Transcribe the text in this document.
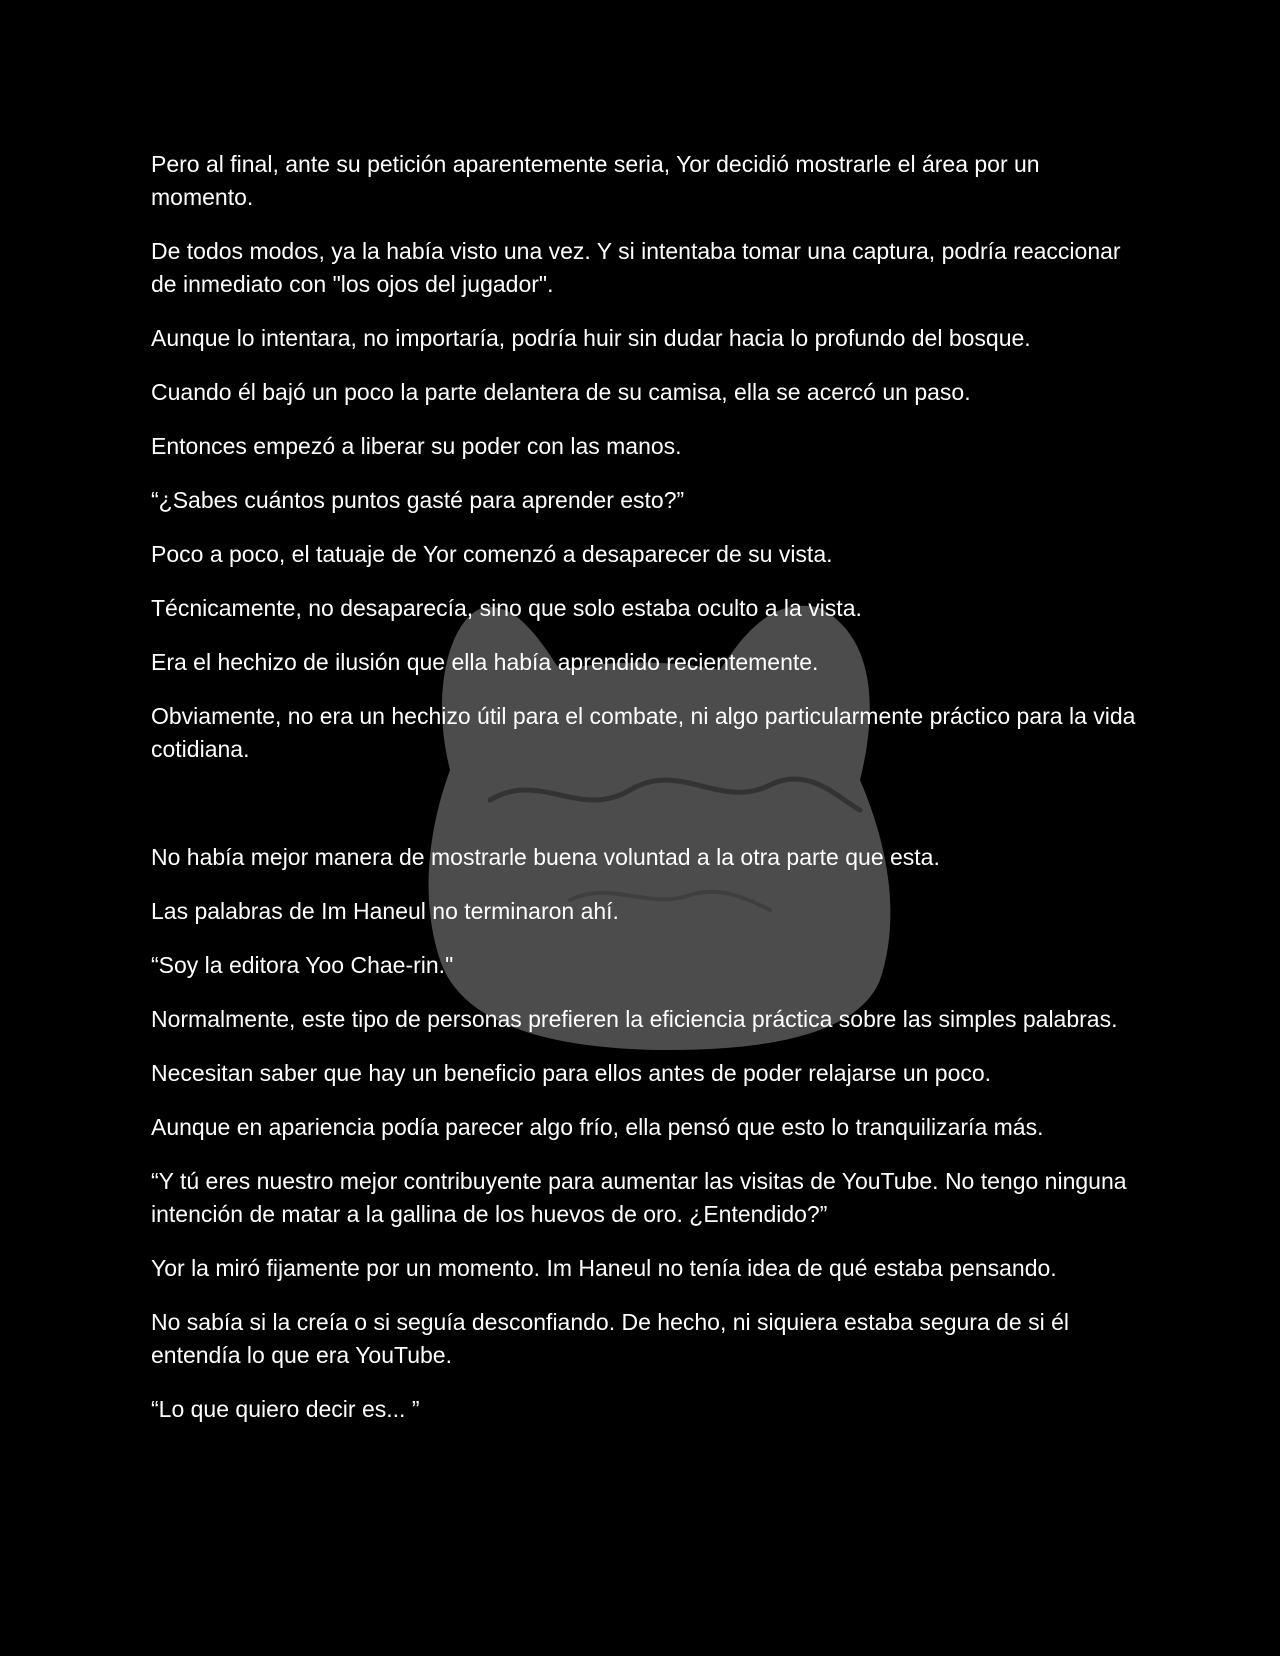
Pero al final, ante su petición aparentemente seria, Yor decidió mostrarle el área por un momento.

De todos modos, ya la había visto una vez. Y si intentaba tomar una captura, podría reaccionar de inmediato con "los ojos del jugador".

Aunque lo intentara, no importaría, podría huir sin dudar hacia lo profundo del bosque.

Cuando él bajó un poco la parte delantera de su camisa, ella se acercó un paso.

Entonces empezó a liberar su poder con las manos.

“¿Sabes cuántos puntos gasté para aprender esto?”

Poco a poco, el tatuaje de Yor comenzó a desaparecer de su vista.

Técnicamente, no desaparecía, sino que solo estaba oculto a la vista.

Era el hechizo de ilusión que ella había aprendido recientemente.

Obviamente, no era un hechizo útil para el combate, ni algo particularmente práctico para la vida cotidiana.

No había mejor manera de mostrarle buena voluntad a la otra parte que esta.

Las palabras de Im Haneul no terminaron ahí.

“Soy la editora Yoo Chae-rin."

Normalmente, este tipo de personas prefieren la eficiencia práctica sobre las simples palabras.

Necesitan saber que hay un beneficio para ellos antes de poder relajarse un poco.

Aunque en apariencia podía parecer algo frío, ella pensó que esto lo tranquilizaría más.

“Y tú eres nuestro mejor contribuyente para aumentar las visitas de YouTube. No tengo ninguna intención de matar a la gallina de los huevos de oro. ¿Entendido?”

Yor la miró fijamente por un momento. Im Haneul no tenía idea de qué estaba pensando.

No sabía si la creía o si seguía desconfiando. De hecho, ni siquiera estaba segura de si él entendía lo que era YouTube.

“Lo que quiero decir es... ”
